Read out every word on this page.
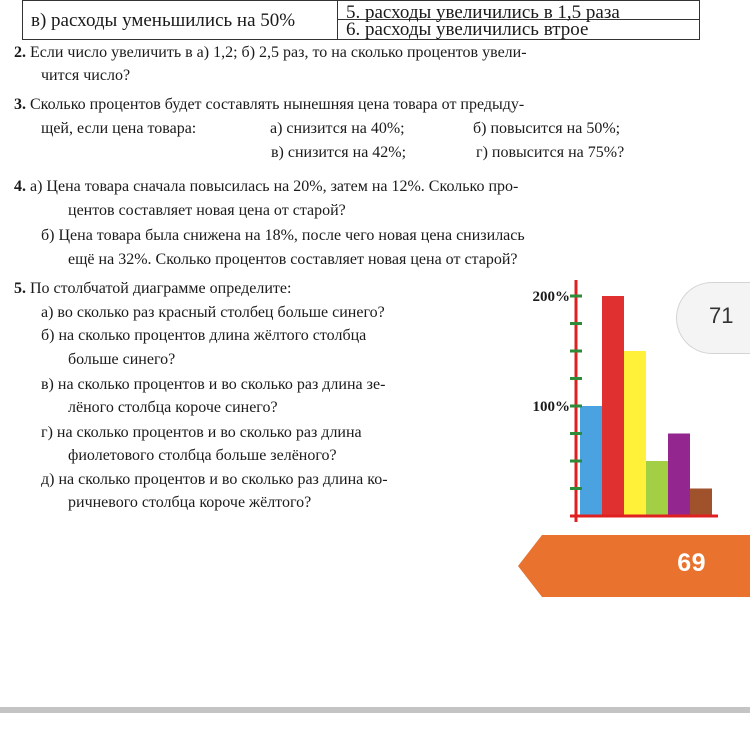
в) расходы уменьшились на 50%	5. расходы увеличились в 1,5 раза
6. расходы увеличились втрое
2. Если число увеличить в а) 1,2; б) 2,5 раз, то на сколько процентов увели-
чится число?
3. Сколько процентов будет составлять нынешняя цена товара от предыду-
щей, если цена товара:	а) снизится на 40%;	б) повысится на 50%;
в) снизится на 42%;	г) повысится на 75%?
4. а) Цена товара сначала повысилась на 20%, затем на 12%. Сколько про-
центов составляет новая цена от старой?
б) Цена товара была снижена на 18%, после чего новая цена снизилась
ещё на 32%. Сколько процентов составляет новая цена от старой?
5. По столбчатой диаграмме определите:
а) во сколько раз красный столбец больше синего?
б) на сколько процентов длина жёлтого столбца
больше синего?
в) на сколько процентов и во сколько раз длина зе-
лёного столбца короче синего?
г) на сколько процентов и во сколько раз длина
фиолетового столбца больше зелёного?
д) на сколько процентов и во сколько раз длина ко-
ричневого столбца короче жёлтого?
200%
100%
71
69
